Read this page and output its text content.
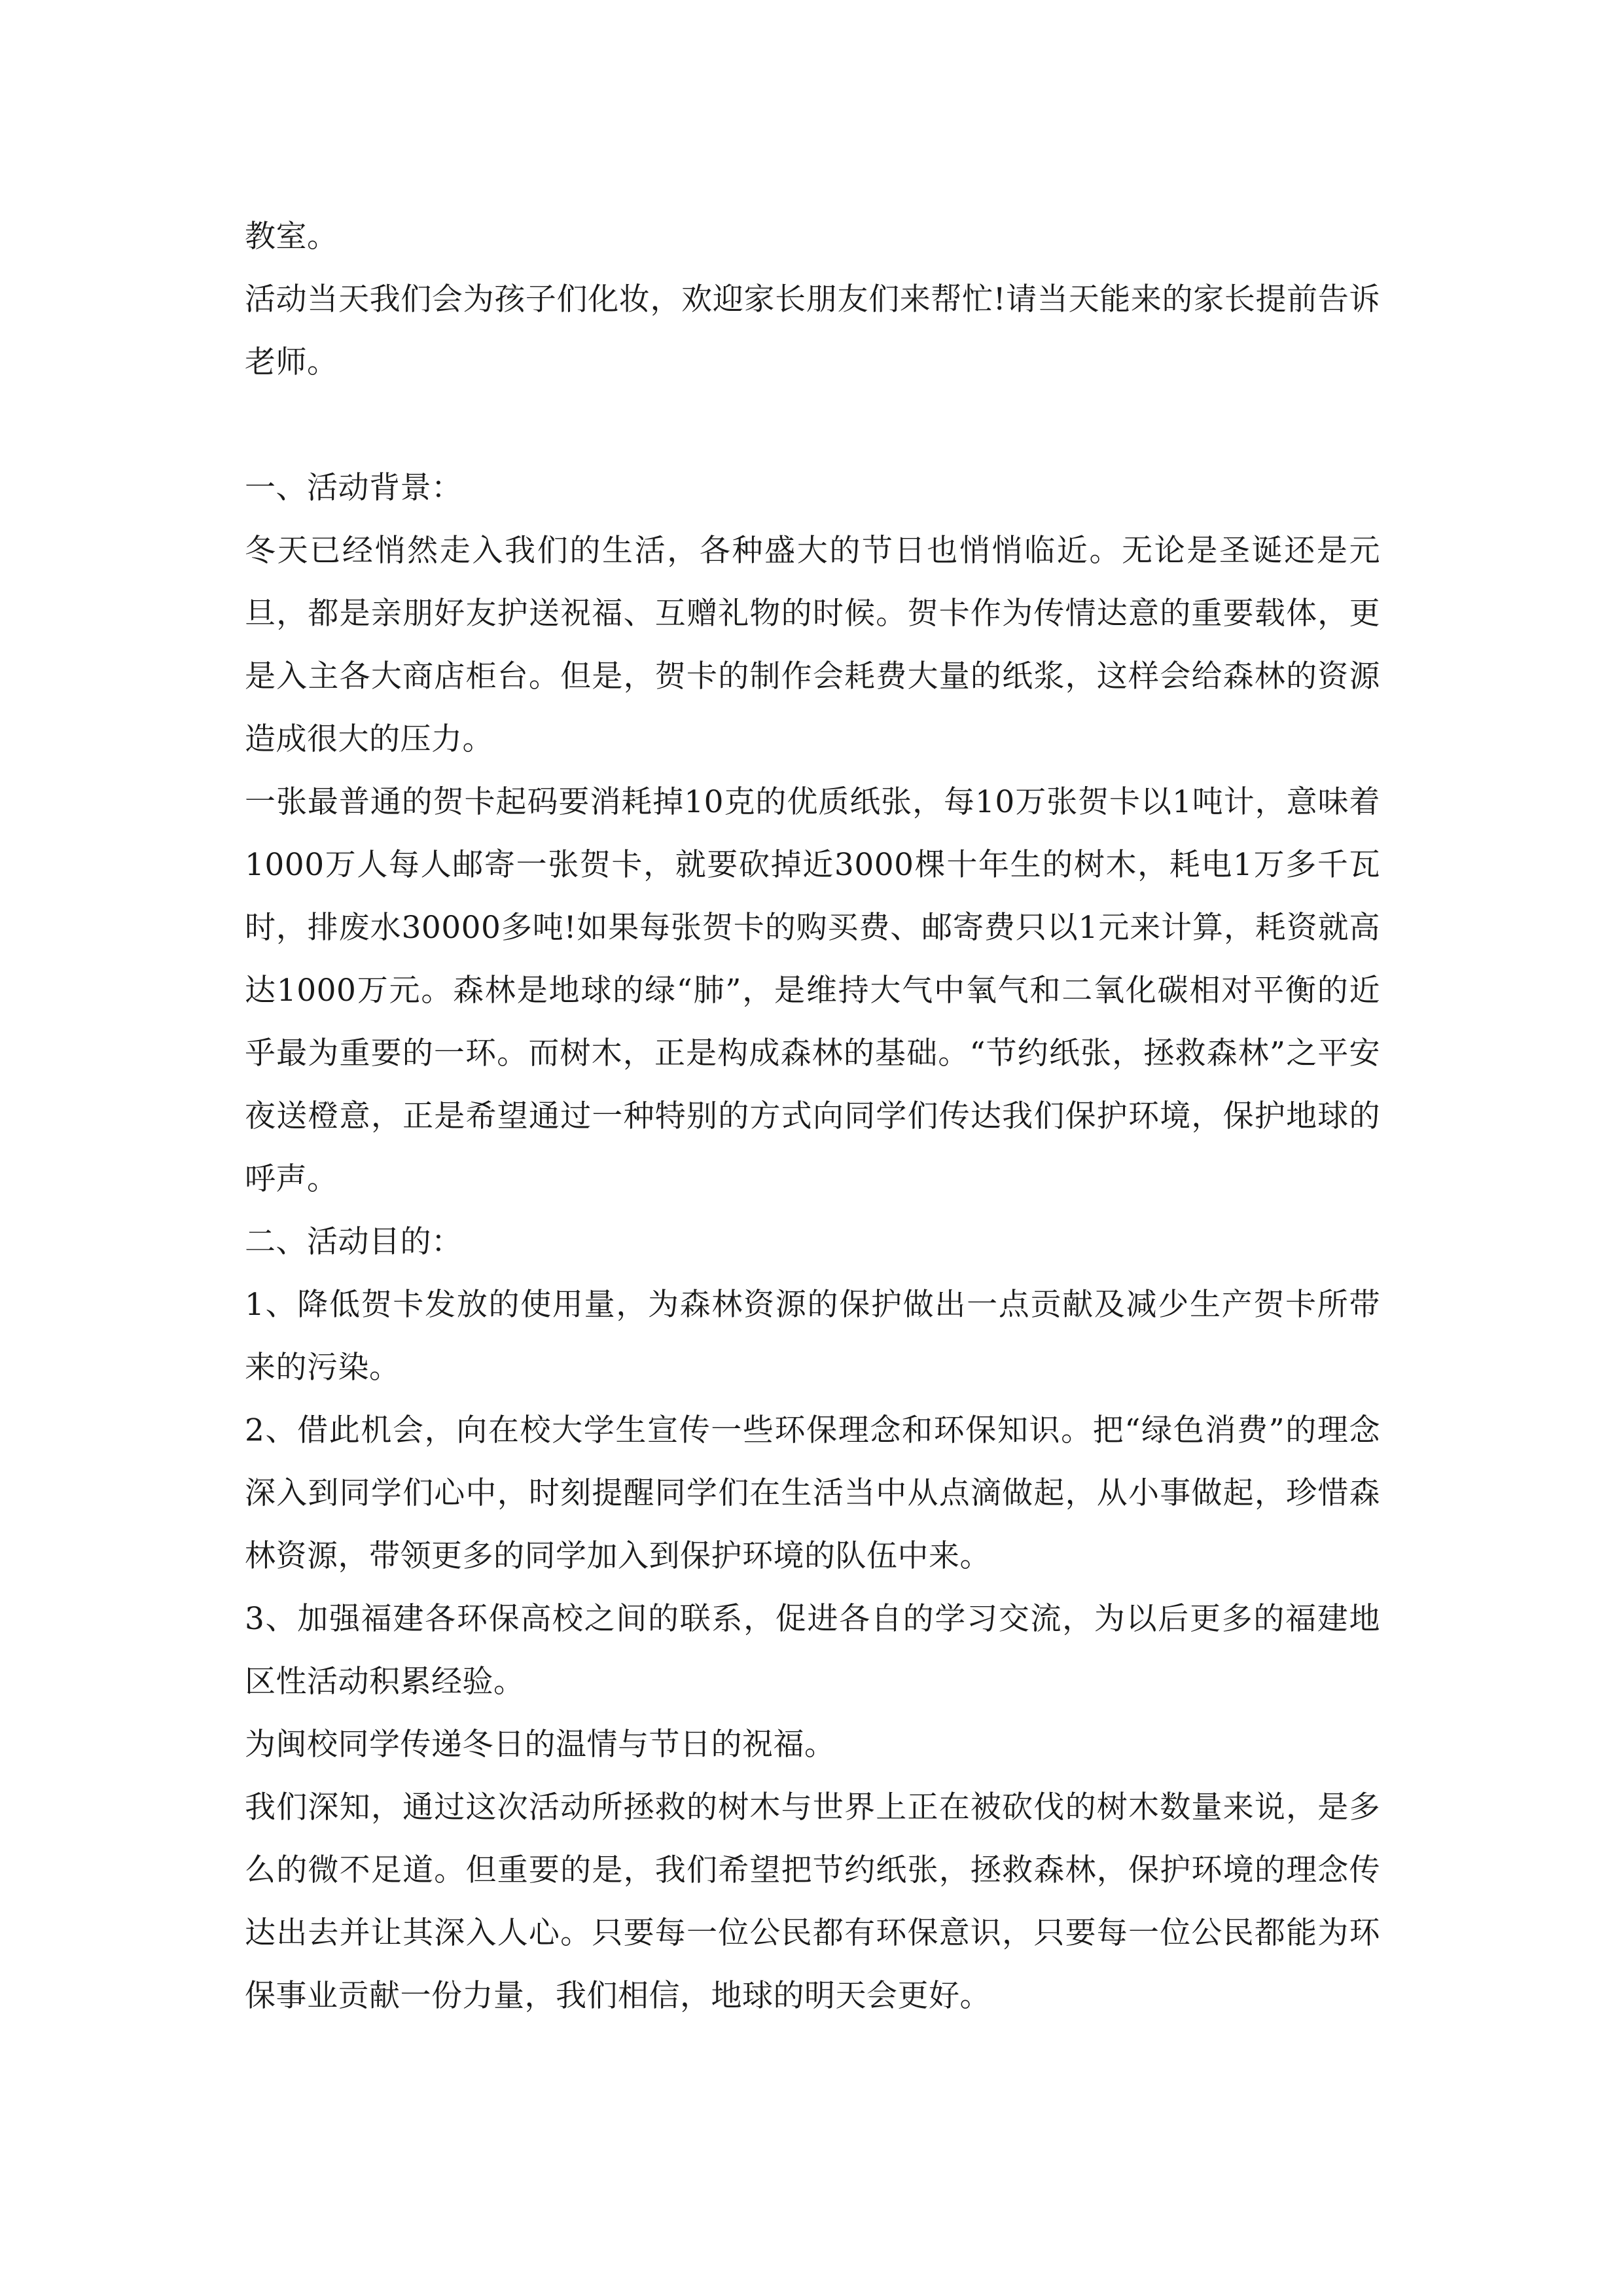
教室。

活动当天我们会为孩子们化妆，欢迎家长朋友们来帮忙!请当天能来的家长提前告诉老师。

一、活动背景：

冬天已经悄然走入我们的生活，各种盛大的节日也悄悄临近。无论是圣诞还是元旦，都是亲朋好友护送祝福、互赠礼物的时候。贺卡作为传情达意的重要载体，更是入主各大商店柜台。但是，贺卡的制作会耗费大量的纸浆，这样会给森林的资源造成很大的压力。

一张最普通的贺卡起码要消耗掉10克的优质纸张，每10万张贺卡以1吨计，意味着1000万人每人邮寄一张贺卡，就要砍掉近3000棵十年生的树木，耗电1万多千瓦时，排废水30000多吨!如果每张贺卡的购买费、邮寄费只以1元来计算，耗资就高达1000万元。森林是地球的绿“肺”，是维持大气中氧气和二氧化碳相对平衡的近乎最为重要的一环。而树木，正是构成森林的基础。“节约纸张，拯救森林”之平安夜送橙意，正是希望通过一种特别的方式向同学们传达我们保护环境，保护地球的呼声。

二、活动目的：

1、降低贺卡发放的使用量，为森林资源的保护做出一点贡献及减少生产贺卡所带来的污染。

2、借此机会，向在校大学生宣传一些环保理念和环保知识。把“绿色消费”的理念深入到同学们心中，时刻提醒同学们在生活当中从点滴做起，从小事做起，珍惜森林资源，带领更多的同学加入到保护环境的队伍中来。

3、加强福建各环保高校之间的联系，促进各自的学习交流，为以后更多的福建地区性活动积累经验。

为闽校同学传递冬日的温情与节日的祝福。

我们深知，通过这次活动所拯救的树木与世界上正在被砍伐的树木数量来说，是多么的微不足道。但重要的是，我们希望把节约纸张，拯救森林，保护环境的理念传达出去并让其深入人心。只要每一位公民都有环保意识，只要每一位公民都能为环保事业贡献一份力量，我们相信，地球的明天会更好。
